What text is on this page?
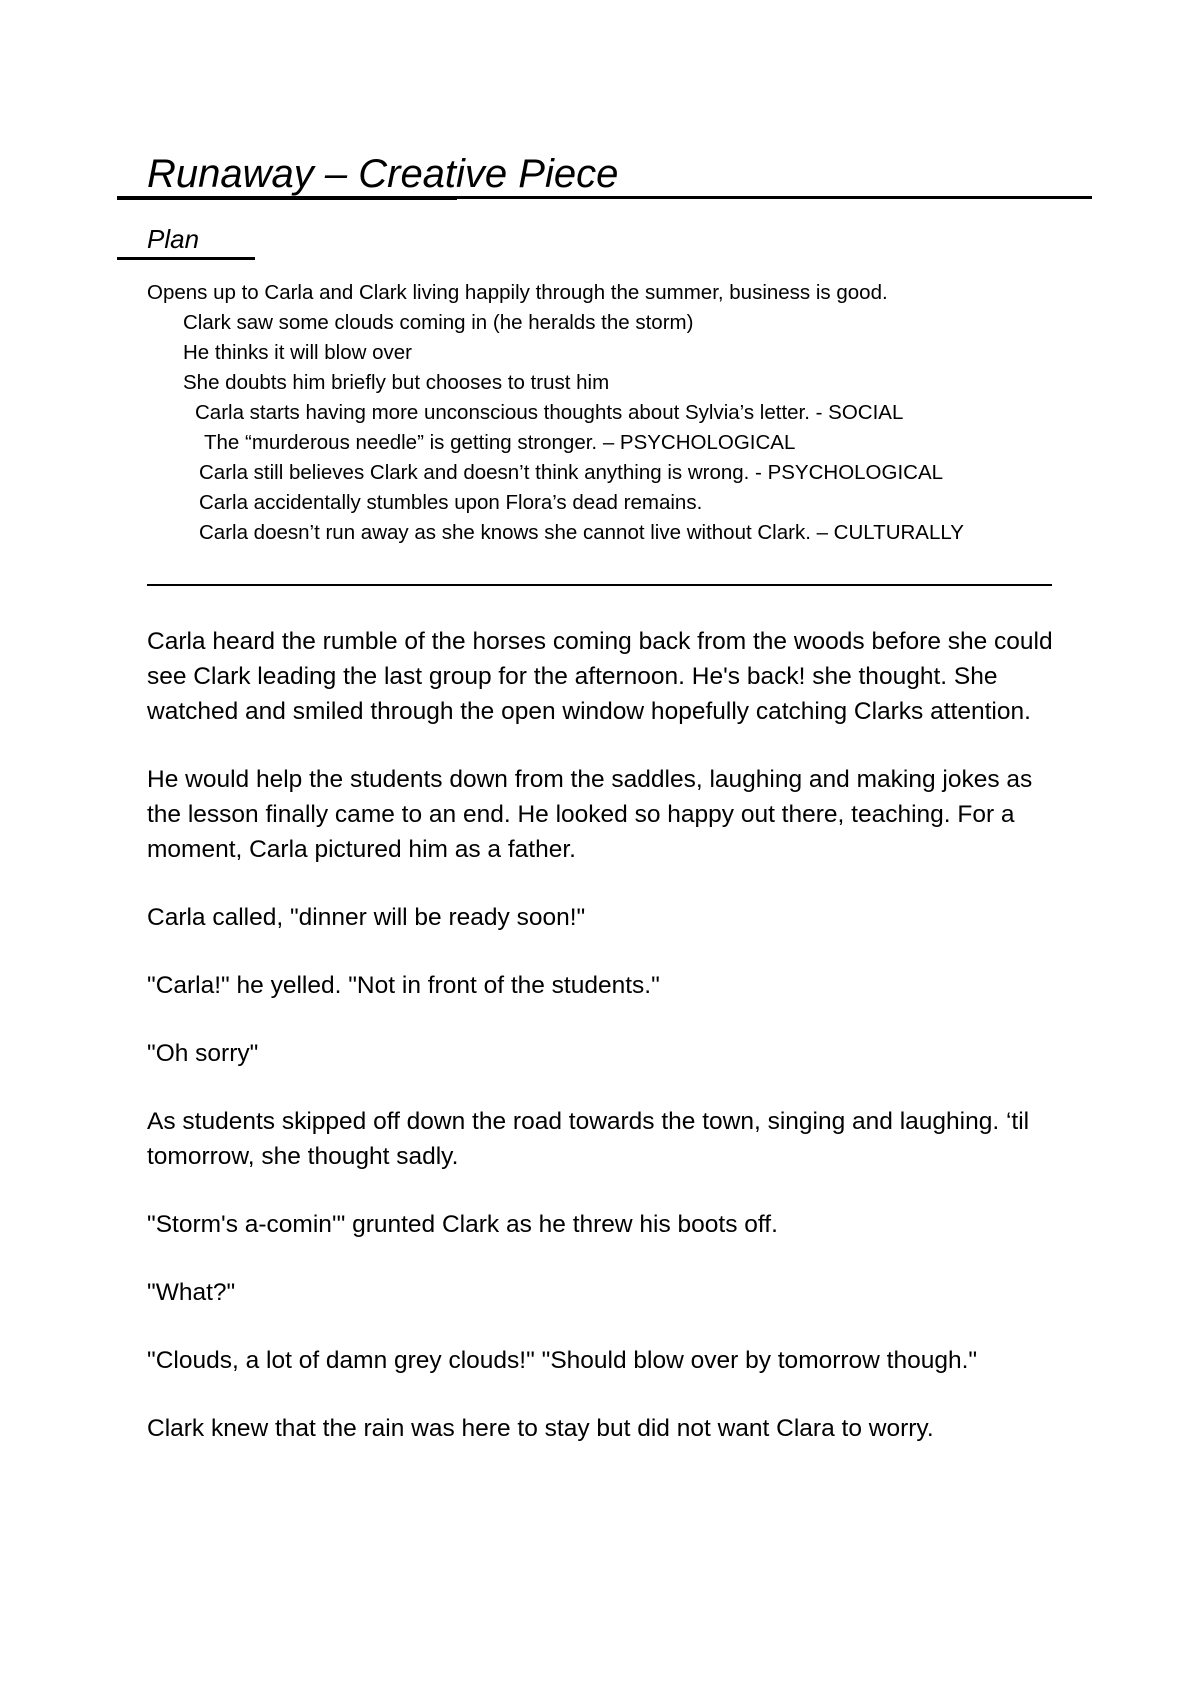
Runaway – Creative Piece
Plan
Opens up to Carla and Clark living happily through the summer, business is good.
Clark saw some clouds coming in (he heralds the storm)
He thinks it will blow over
She doubts him briefly but chooses to trust him
Carla starts having more unconscious thoughts about Sylvia’s letter. - SOCIAL
The “murderous needle” is getting stronger. – PSYCHOLOGICAL
Carla still believes Clark and doesn’t think anything is wrong. - PSYCHOLOGICAL
Carla accidentally stumbles upon Flora’s dead remains.
Carla doesn’t run away as she knows she cannot live without Clark. – CULTURALLY

Carla heard the rumble of the horses coming back from the woods before she could see Clark leading the last group for the afternoon. He's back! she thought. She watched and smiled through the open window hopefully catching Clarks attention.

He would help the students down from the saddles, laughing and making jokes as the lesson finally came to an end. He looked so happy out there, teaching. For a moment, Carla pictured him as a father.

Carla called, "dinner will be ready soon!"

"Carla!" he yelled. "Not in front of the students."

"Oh sorry"

As students skipped off down the road towards the town, singing and laughing. ‘til tomorrow, she thought sadly.

"Storm's a-comin'" grunted Clark as he threw his boots off.

"What?"

"Clouds, a lot of damn grey clouds!" "Should blow over by tomorrow though."

Clark knew that the rain was here to stay but did not want Clara to worry.
